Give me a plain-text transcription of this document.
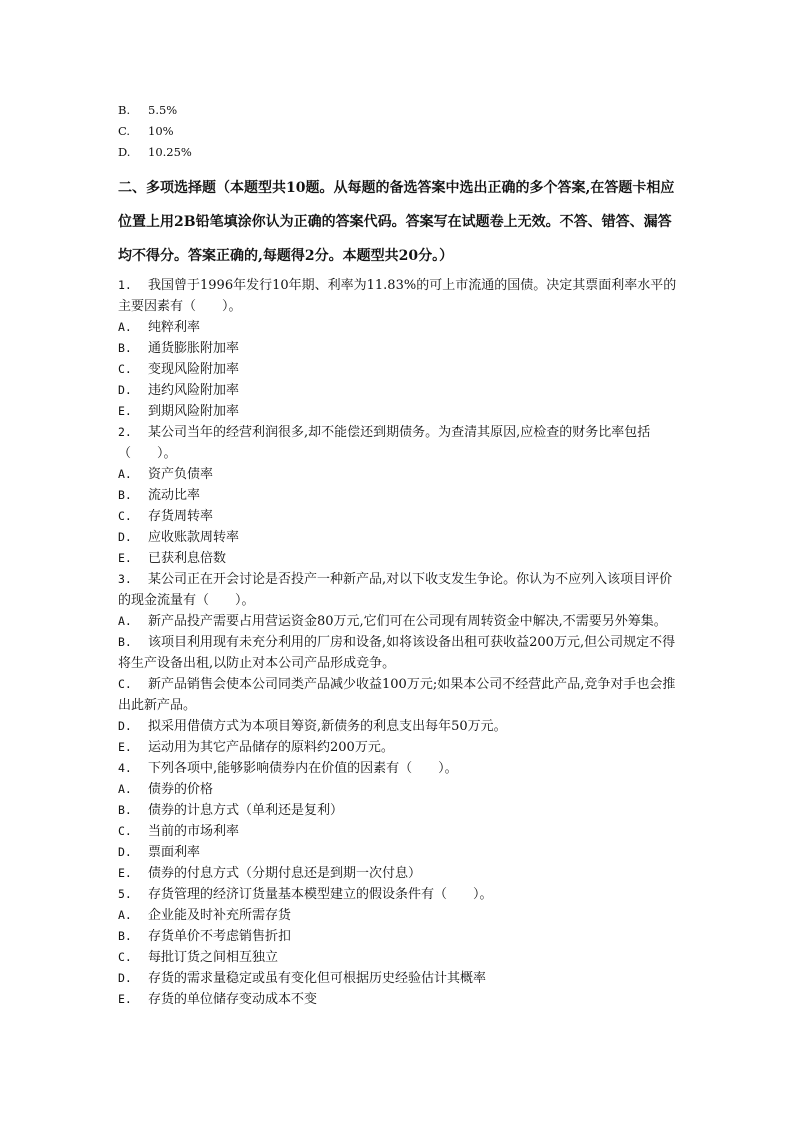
B. 5.5%
C. 10%
D. 10.25%
二、多项选择题（本题型共10题。从每题的备选答案中选出正确的多个答案,在答题卡相应位置上用2B铅笔填涂你认为正确的答案代码。答案写在试题卷上无效。不答、错答、漏答均不得分。答案正确的,每题得2分。本题型共20分。）
1. 我国曾于1996年发行10年期、利率为11.83%的可上市流通的国债。决定其票面利率水平的主要因素有（　　）。
A. 纯粹利率
B. 通货膨胀附加率
C. 变现风险附加率
D. 违约风险附加率
E. 到期风险附加率
2. 某公司当年的经营利润很多,却不能偿还到期债务。为查清其原因,应检查的财务比率包括（　　）。
A. 资产负债率
B. 流动比率
C. 存货周转率
D. 应收账款周转率
E. 已获利息倍数
3. 某公司正在开会讨论是否投产一种新产品,对以下收支发生争论。你认为不应列入该项目评价的现金流量有（　　）。
A. 新产品投产需要占用营运资金80万元,它们可在公司现有周转资金中解决,不需要另外筹集。
B. 该项目利用现有未充分利用的厂房和设备,如将该设备出租可获收益200万元,但公司规定不得将生产设备出租,以防止对本公司产品形成竞争。
C. 新产品销售会使本公司同类产品减少收益100万元;如果本公司不经营此产品,竞争对手也会推出此新产品。
D. 拟采用借债方式为本项目筹资,新债务的利息支出每年50万元。
E. 运动用为其它产品储存的原料约200万元。
4. 下列各项中,能够影响债券内在价值的因素有（　　）。
A. 债券的价格
B. 债券的计息方式（单利还是复利）
C. 当前的市场利率
D. 票面利率
E. 债券的付息方式（分期付息还是到期一次付息）
5. 存货管理的经济订货量基本模型建立的假设条件有（　　）。
A. 企业能及时补充所需存货
B. 存货单价不考虑销售折扣
C. 每批订货之间相互独立
D. 存货的需求量稳定或虽有变化但可根据历史经验估计其概率
E. 存货的单位储存变动成本不变
